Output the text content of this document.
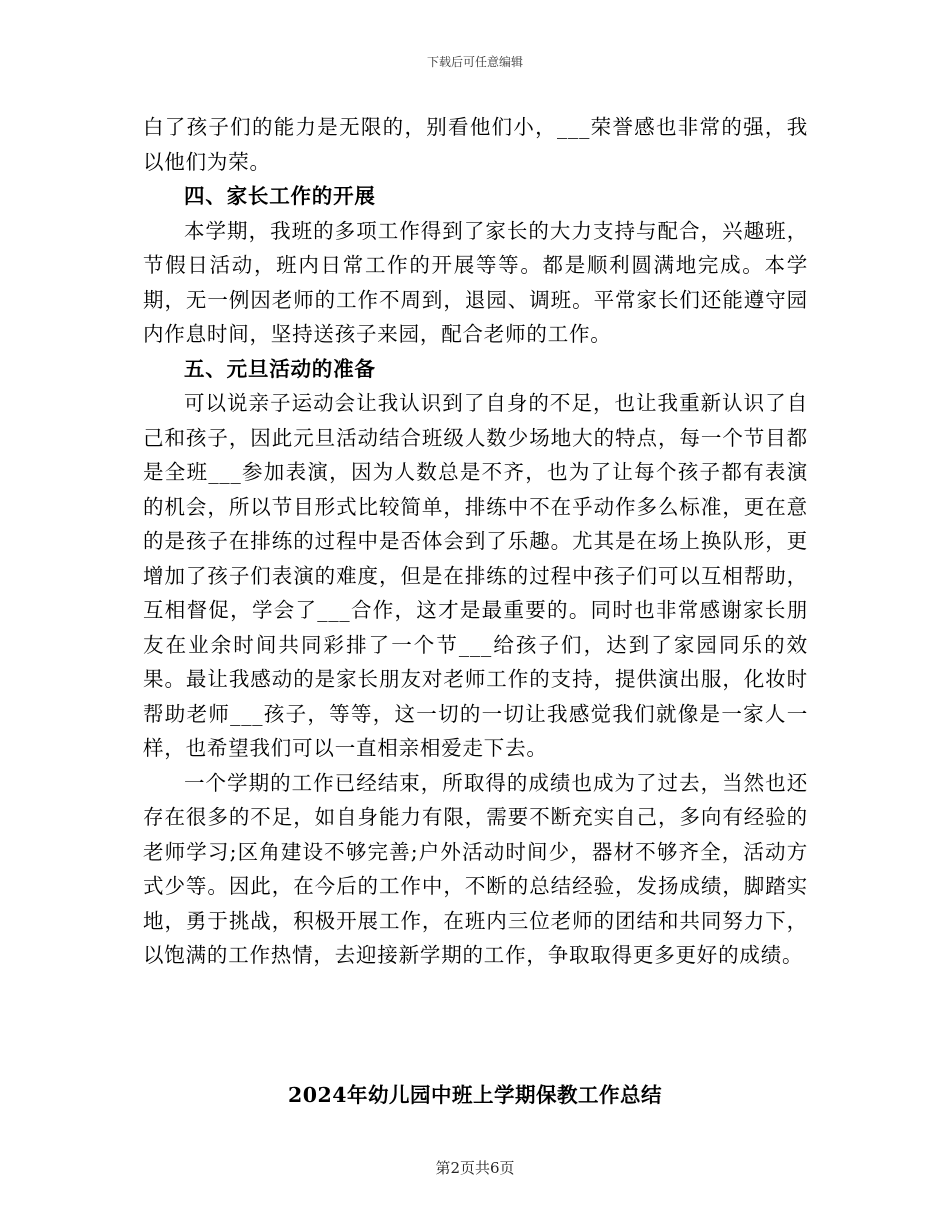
下载后可任意编辑

白了孩子们的能力是无限的，别看他们小，___荣誉感也非常的强，我以他们为荣。

四、家长工作的开展

本学期，我班的多项工作得到了家长的大力支持与配合，兴趣班，节假日活动，班内日常工作的开展等等。都是顺利圆满地完成。本学期，无一例因老师的工作不周到，退园、调班。平常家长们还能遵守园内作息时间，坚持送孩子来园，配合老师的工作。

五、元旦活动的准备

可以说亲子运动会让我认识到了自身的不足，也让我重新认识了自己和孩子，因此元旦活动结合班级人数少场地大的特点，每一个节目都是全班___参加表演，因为人数总是不齐，也为了让每个孩子都有表演的机会，所以节目形式比较简单，排练中不在乎动作多么标准，更在意的是孩子在排练的过程中是否体会到了乐趣。尤其是在场上换队形，更增加了孩子们表演的难度，但是在排练的过程中孩子们可以互相帮助，互相督促，学会了___合作，这才是最重要的。同时也非常感谢家长朋友在业余时间共同彩排了一个节___给孩子们，达到了家园同乐的效果。最让我感动的是家长朋友对老师工作的支持，提供演出服，化妆时帮助老师___孩子，等等，这一切的一切让我感觉我们就像是一家人一样，也希望我们可以一直相亲相爱走下去。

一个学期的工作已经结束，所取得的成绩也成为了过去，当然也还存在很多的不足，如自身能力有限，需要不断充实自己，多向有经验的老师学习;区角建设不够完善;户外活动时间少，器材不够齐全，活动方式少等。因此，在今后的工作中，不断的总结经验，发扬成绩，脚踏实地，勇于挑战，积极开展工作，在班内三位老师的团结和共同努力下，以饱满的工作热情，去迎接新学期的工作，争取取得更多更好的成绩。

2024年幼儿园中班上学期保教工作总结
第2页共6页
